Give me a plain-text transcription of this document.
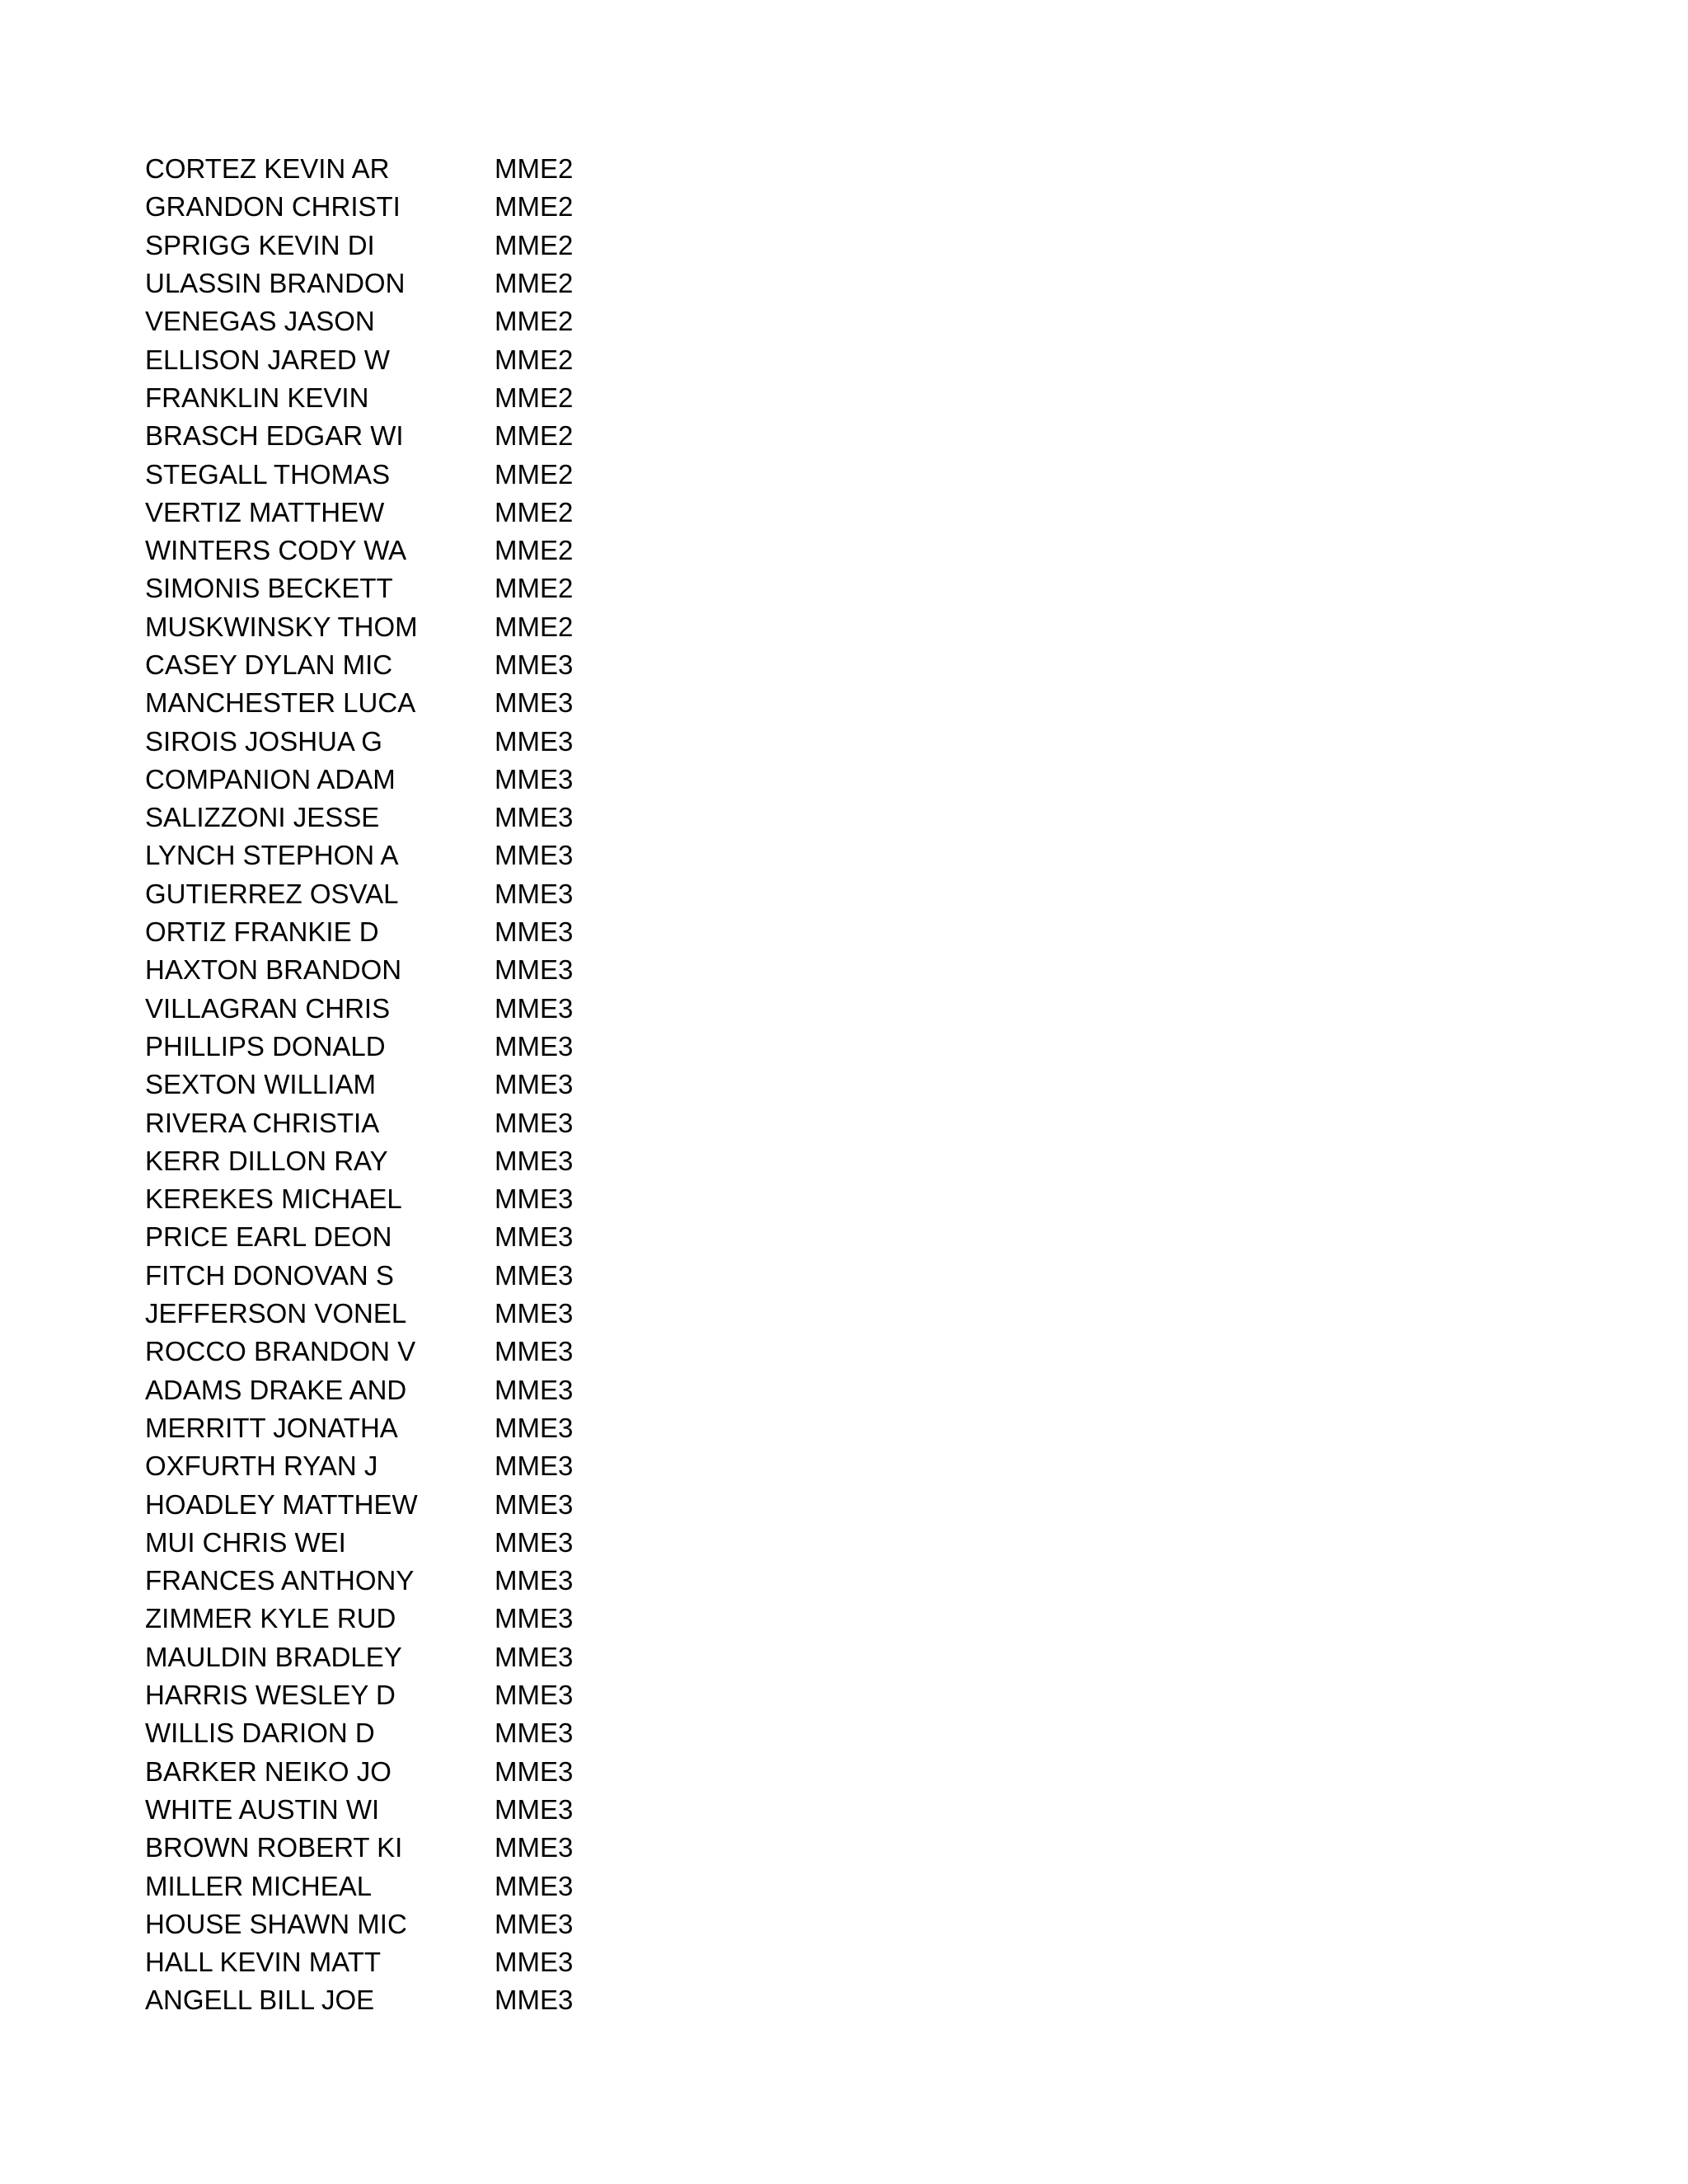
CORTEZ KEVIN AR	MME2
GRANDON CHRISTI	MME2
SPRIGG KEVIN DI	MME2
ULASSIN BRANDON	MME2
VENEGAS JASON	MME2
ELLISON JARED W	MME2
FRANKLIN KEVIN	MME2
BRASCH EDGAR WI	MME2
STEGALL THOMAS	MME2
VERTIZ MATTHEW	MME2
WINTERS CODY WA	MME2
SIMONIS BECKETT	MME2
MUSKWINSKY THOM	MME2
CASEY DYLAN MIC	MME3
MANCHESTER LUCA	MME3
SIROIS JOSHUA G	MME3
COMPANION ADAM	MME3
SALIZZONI JESSE	MME3
LYNCH STEPHON A	MME3
GUTIERREZ OSVAL	MME3
ORTIZ FRANKIE D	MME3
HAXTON BRANDON	MME3
VILLAGRAN CHRIS	MME3
PHILLIPS DONALD	MME3
SEXTON WILLIAM	MME3
RIVERA CHRISTIA	MME3
KERR DILLON RAY	MME3
KEREKES MICHAEL	MME3
PRICE EARL DEON	MME3
FITCH DONOVAN S	MME3
JEFFERSON VONEL	MME3
ROCCO BRANDON V	MME3
ADAMS DRAKE AND	MME3
MERRITT JONATHA	MME3
OXFURTH RYAN J	MME3
HOADLEY MATTHEW	MME3
MUI CHRIS WEI	MME3
FRANCES ANTHONY	MME3
ZIMMER KYLE RUD	MME3
MAULDIN BRADLEY	MME3
HARRIS WESLEY D	MME3
WILLIS DARION D	MME3
BARKER NEIKO JO	MME3
WHITE AUSTIN WI	MME3
BROWN ROBERT KI	MME3
MILLER MICHEAL	MME3
HOUSE SHAWN MIC	MME3
HALL KEVIN MATT	MME3
ANGELL BILL JOE	MME3
